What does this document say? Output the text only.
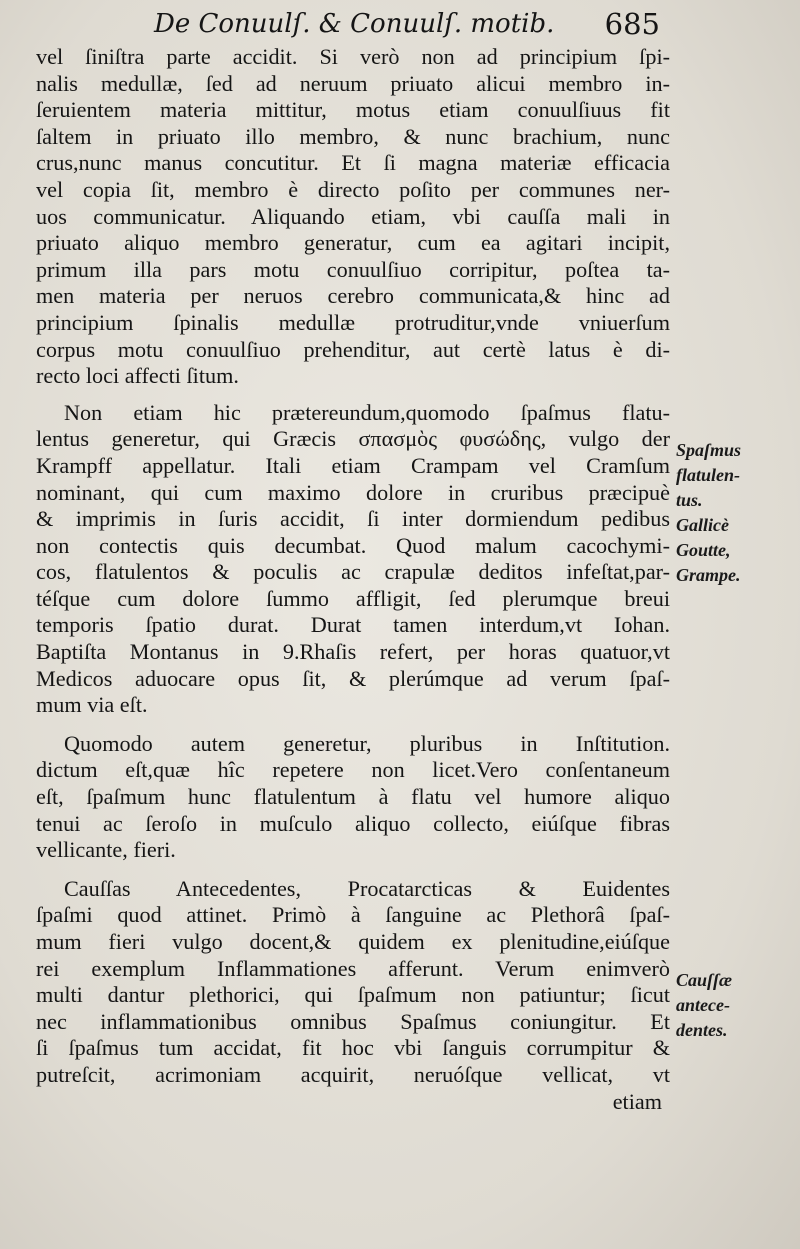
De Conuulſ. & Conuulſ. motib. 685

vel ſiniſtra parte accidit. Si verò non ad principium ſpi-
nalis medullæ, ſed ad neruum priuato alicui membro in-
ſeruientem materia mittitur, motus etiam conuulſiuus fit
ſaltem in priuato illo membro, & nunc brachium, nunc
crus,nunc manus concutitur. Et ſi magna materiæ efficacia
vel copia ſit, membro è directo poſito per communes ner-
uos communicatur. Aliquando etiam, vbi cauſſa mali in
priuato aliquo membro generatur, cum ea agitari incipit,
primum illa pars motu conuulſiuo corripitur, poſtea ta-
men materia per neruos cerebro communicata,& hinc ad
principium ſpinalis medullæ protruditur,vnde vniuerſum
corpus motu conuulſiuo prehenditur, aut certè latus è di-
recto loci affecti ſitum.

Non etiam hic prætereundum,quomodo ſpaſmus flatu-
lentus generetur, qui Græcis σπασμὸς φυσώδης, vulgo der
Krampff appellatur. Itali etiam Crampam vel Cramſum
nominant, qui cum maximo dolore in cruribus præcipuè
& imprimis in ſuris accidit, ſi inter dormiendum pedibus
non contectis quis decumbat. Quod malum cacochymi-
cos, flatulentos & poculis ac crapulæ deditos infeſtat,par-
téſque cum dolore ſummo affligit, ſed plerumque breui
temporis ſpatio durat. Durat tamen interdum,vt Iohan.
Baptiſta Montanus in 9.Rhaſis refert, per horas quatuor,vt
Medicos aduocare opus ſit, & plerúmque ad verum ſpaſ-
mum via eſt.

Quomodo autem generetur, pluribus in Inſtitution.
dictum eſt,quæ hîc repetere non licet.Vero conſentaneum
eſt, ſpaſmum hunc flatulentum à flatu vel humore aliquo
tenui ac ſeroſo in muſculo aliquo collecto, eiúſque fibras
vellicante, fieri.

Cauſſas Antecedentes, Procatarcticas & Euidentes
ſpaſmi quod attinet. Primò à ſanguine ac Plethorâ ſpaſ-
mum fieri vulgo docent,& quidem ex plenitudine,eiúſque
rei exemplum Inflammationes afferunt. Verum enimverò
multi dantur plethorici, qui ſpaſmum non patiuntur; ſicut
nec inflammationibus omnibus Spaſmus coniungitur. Et
ſi ſpaſmus tum accidat, fit hoc vbi ſanguis corrumpitur &
putreſcit, acrimoniam acquirit, neruóſque vellicat, vt

etiam
Spaſmus
flatulen-
tus.
Gallicè
Goutte,
Grampe.
Cauſſæ
antece-
dentes.
